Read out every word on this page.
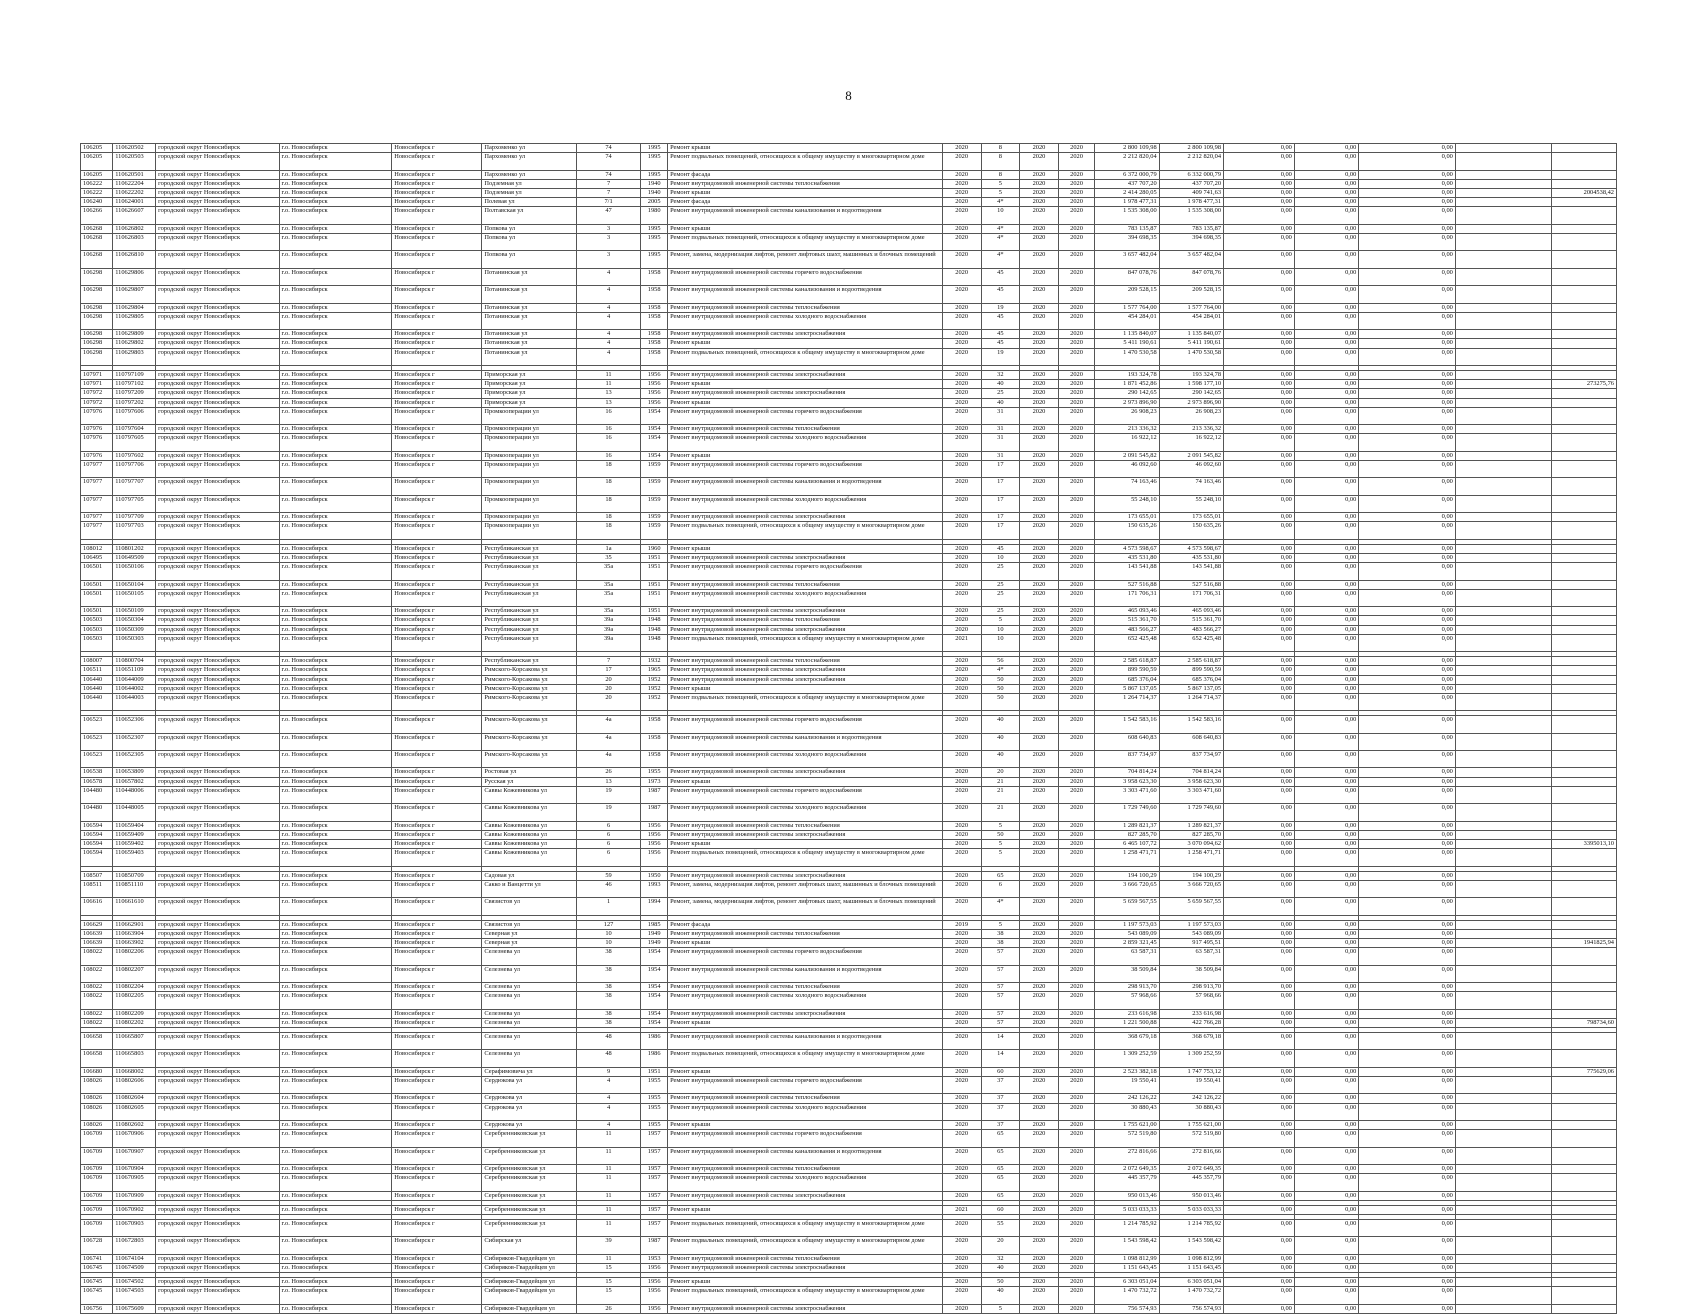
8
106205	110620502	городской округ Новосибирск	г.о. Новосибирск	Новосибирск г	Пархоменко ул	74	1995	Ремонт крыши	2020	8	2020	2020	2 800 109,98	2 800 109,98	0,00	0,00	0,00		
106205	110620503	городской округ Новосибирск	г.о. Новосибирск	Новосибирск г	Пархоменко ул	74	1995	Ремонт подвальных помещений, относящихся к общему имуществу в многоквартирном доме	2020	8	2020	2020	2 212 820,04	2 212 820,04	0,00	0,00	0,00		
106205	110620501	городской округ Новосибирск	г.о. Новосибирск	Новосибирск г	Пархоменко ул	74	1995	Ремонт фасада	2020	8	2020	2020	6 372 000,79	6 332 000,79	0,00	0,00	0,00		
106222	110622204	городской округ Новосибирск	г.о. Новосибирск	Новосибирск г	Подземная ул	7	1940	Ремонт внутридомовой инженерной системы теплоснабжения	2020	5	2020	2020	437 707,20	437 707,20	0,00	0,00	0,00		
106222	110622202	городской округ Новосибирск	г.о. Новосибирск	Новосибирск г	Подземная ул	7	1940	Ремонт крыши	2020	5	2020	2020	2 414 280,05	409 741,63	0,00	0,00	0,00		2004538,42
106240	110624001	городской округ Новосибирск	г.о. Новосибирск	Новосибирск г	Полевая ул	7/1	2005	Ремонт фасада	2020	4*	2020	2020	1 978 477,31	1 978 477,31	0,00	0,00	0,00		
106266	110626607	городской округ Новосибирск	г.о. Новосибирск	Новосибирск г	Полтавская ул	47	1980	Ремонт внутридомовой инженерной системы канализования и водоотведения	2020	10	2020	2020	1 535 308,00	1 535 308,00	0,00	0,00	0,00		
106268	110626802	городской округ Новосибирск	г.о. Новосибирск	Новосибирск г	Попкова ул	3	1995	Ремонт крыши	2020	4*	2020	2020	783 135,87	783 135,87	0,00	0,00	0,00		
106268	110626803	городской округ Новосибирск	г.о. Новосибирск	Новосибирск г	Попкова ул	3	1995	Ремонт подвальных помещений, относящихся к общему имуществу в многоквартирном доме	2020	4*	2020	2020	394 698,35	394 698,35	0,00	0,00	0,00		
106268	110626810	городской округ Новосибирск	г.о. Новосибирск	Новосибирск г	Попкова ул	3	1995	Ремонт, замена, модернизация лифтов, ремонт лифтовых шахт, машинных и блочных помещений	2020	4*	2020	2020	3 657 482,04	3 657 482,04	0,00	0,00	0,00		
106298	110629806	городской округ Новосибирск	г.о. Новосибирск	Новосибирск г	Потанинская ул	4	1958	Ремонт внутридомовой инженерной системы горячего водоснабжения	2020	45	2020	2020	847 078,76	847 078,76	0,00	0,00	0,00		
106298	110629807	городской округ Новосибирск	г.о. Новосибирск	Новосибирск г	Потанинская ул	4	1958	Ремонт внутридомовой инженерной системы канализования и водоотведения	2020	45	2020	2020	209 528,15	209 528,15	0,00	0,00	0,00		
106298	110629804	городской округ Новосибирск	г.о. Новосибирск	Новосибирск г	Потанинская ул	4	1958	Ремонт внутридомовой инженерной системы теплоснабжения	2020	19	2020	2020	1 577 764,00	1 577 764,00	0,00	0,00	0,00		
106298	110629805	городской округ Новосибирск	г.о. Новосибирск	Новосибирск г	Потанинская ул	4	1958	Ремонт внутридомовой инженерной системы холодного водоснабжения	2020	45	2020	2020	454 284,01	454 284,01	0,00	0,00	0,00		
106298	110629809	городской округ Новосибирск	г.о. Новосибирск	Новосибирск г	Потанинская ул	4	1958	Ремонт внутридомовой инженерной системы электроснабжения	2020	45	2020	2020	1 135 840,07	1 135 840,07	0,00	0,00	0,00		
106298	110629802	городской округ Новосибирск	г.о. Новосибирск	Новосибирск г	Потанинская ул	4	1958	Ремонт крыши	2020	45	2020	2020	5 411 190,61	5 411 190,61	0,00	0,00	0,00		
106298	110629803	городской округ Новосибирск	г.о. Новосибирск	Новосибирск г	Потанинская ул	4	1958	Ремонт подвальных помещений, относящихся к общему имуществу в многоквартирном доме	2020	19	2020	2020	1 470 530,58	1 470 530,58	0,00	0,00	0,00		

107971	110797109	городской округ Новосибирск	г.о. Новосибирск	Новосибирск г	Приморская ул	11	1956	Ремонт внутридомовой инженерной системы электроснабжения	2020	32	2020	2020	193 324,78	193 324,78	0,00	0,00	0,00		
107971	110797102	городской округ Новосибирск	г.о. Новосибирск	Новосибирск г	Приморская ул	11	1956	Ремонт крыши	2020	40	2020	2020	1 871 452,86	1 598 177,10	0,00	0,00	0,00		273275,76
107972	110797209	городской округ Новосибирск	г.о. Новосибирск	Новосибирск г	Приморская ул	13	1956	Ремонт внутридомовой инженерной системы электроснабжения	2020	25	2020	2020	290 142,65	290 142,65	0,00	0,00	0,00		
107972	110797202	городской округ Новосибирск	г.о. Новосибирск	Новосибирск г	Приморская ул	13	1956	Ремонт крыши	2020	40	2020	2020	2 973 896,90	2 973 896,90	0,00	0,00	0,00		
107976	110797606	городской округ Новосибирск	г.о. Новосибирск	Новосибирск г	Промкооперации ул	16	1954	Ремонт внутридомовой инженерной системы горячего водоснабжения	2020	31	2020	2020	26 908,23	26 908,23	0,00	0,00	0,00		
107976	110797604	городской округ Новосибирск	г.о. Новосибирск	Новосибирск г	Промкооперации ул	16	1954	Ремонт внутридомовой инженерной системы теплоснабжения	2020	31	2020	2020	213 336,32	213 336,32	0,00	0,00	0,00		
107976	110797605	городской округ Новосибирск	г.о. Новосибирск	Новосибирск г	Промкооперации ул	16	1954	Ремонт внутридомовой инженерной системы холодного водоснабжения	2020	31	2020	2020	16 922,12	16 922,12	0,00	0,00	0,00		
107976	110797602	городской округ Новосибирск	г.о. Новосибирск	Новосибирск г	Промкооперации ул	16	1954	Ремонт крыши	2020	31	2020	2020	2 091 545,82	2 091 545,82	0,00	0,00	0,00		
107977	110797706	городской округ Новосибирск	г.о. Новосибирск	Новосибирск г	Промкооперации ул	18	1959	Ремонт внутридомовой инженерной системы горячего водоснабжения	2020	17	2020	2020	46 092,60	46 092,60	0,00	0,00	0,00		
107977	110797707	городской округ Новосибирск	г.о. Новосибирск	Новосибирск г	Промкооперации ул	18	1959	Ремонт внутридомовой инженерной системы канализования и водоотведения	2020	17	2020	2020	74 163,46	74 163,46	0,00	0,00	0,00		
107977	110797705	городской округ Новосибирск	г.о. Новосибирск	Новосибирск г	Промкооперации ул	18	1959	Ремонт внутридомовой инженерной системы холодного водоснабжения	2020	17	2020	2020	55 248,10	55 248,10	0,00	0,00	0,00		
107977	110797709	городской округ Новосибирск	г.о. Новосибирск	Новосибирск г	Промкооперации ул	18	1959	Ремонт внутридомовой инженерной системы электроснабжения	2020	17	2020	2020	173 655,01	173 655,01	0,00	0,00	0,00		
107977	110797703	городской округ Новосибирск	г.о. Новосибирск	Новосибирск г	Промкооперации ул	18	1959	Ремонт подвальных помещений, относящихся к общему имуществу в многоквартирном доме	2020	17	2020	2020	150 635,26	150 635,26	0,00	0,00	0,00		

108012	110801202	городской округ Новосибирск	г.о. Новосибирск	Новосибирск г	Республиканская ул	1а	1960	Ремонт крыши	2020	45	2020	2020	4 573 598,67	4 573 598,67	0,00	0,00	0,00		
106495	110649509	городской округ Новосибирск	г.о. Новосибирск	Новосибирск г	Республиканская ул	35	1951	Ремонт внутридомовой инженерной системы электроснабжения	2020	10	2020	2020	435 531,80	435 531,80	0,00	0,00	0,00		
106501	110650106	городской округ Новосибирск	г.о. Новосибирск	Новосибирск г	Республиканская ул	35а	1951	Ремонт внутридомовой инженерной системы горячего водоснабжения	2020	25	2020	2020	143 541,88	143 541,88	0,00	0,00	0,00		
106501	110650104	городской округ Новосибирск	г.о. Новосибирск	Новосибирск г	Республиканская ул	35а	1951	Ремонт внутридомовой инженерной системы теплоснабжения	2020	25	2020	2020	527 516,88	527 516,88	0,00	0,00	0,00		
106501	110650105	городской округ Новосибирск	г.о. Новосибирск	Новосибирск г	Республиканская ул	35а	1951	Ремонт внутридомовой инженерной системы холодного водоснабжения	2020	25	2020	2020	171 706,31	171 706,31	0,00	0,00	0,00		
106501	110650109	городской округ Новосибирск	г.о. Новосибирск	Новосибирск г	Республиканская ул	35а	1951	Ремонт внутридомовой инженерной системы электроснабжения	2020	25	2020	2020	465 093,46	465 093,46	0,00	0,00	0,00		
106503	110650304	городской округ Новосибирск	г.о. Новосибирск	Новосибирск г	Республиканская ул	39а	1948	Ремонт внутридомовой инженерной системы теплоснабжения	2020	5	2020	2020	515 361,70	515 361,70	0,00	0,00	0,00		
106503	110650309	городской округ Новосибирск	г.о. Новосибирск	Новосибирск г	Республиканская ул	39а	1948	Ремонт внутридомовой инженерной системы электроснабжения	2020	10	2020	2020	483 566,27	483 566,27	0,00	0,00	0,00		
106503	110650303	городской округ Новосибирск	г.о. Новосибирск	Новосибирск г	Республиканская ул	39а	1948	Ремонт подвальных помещений, относящихся к общему имуществу в многоквартирном доме	2021	10	2020	2020	652 425,48	652 425,48	0,00	0,00	0,00		

108007	110800704	городской округ Новосибирск	г.о. Новосибирск	Новосибирск г	Республиканская ул	7	1932	Ремонт внутридомовой инженерной системы теплоснабжения	2020	56	2020	2020	2 585 618,87	2 585 618,87	0,00	0,00	0,00		
106511	110651109	городской округ Новосибирск	г.о. Новосибирск	Новосибирск г	Римского-Корсакова ул	17	1965	Ремонт внутридомовой инженерной системы электроснабжения	2020	4*	2020	2020	899 590,59	899 590,59	0,00	0,00	0,00		
106440	110644009	городской округ Новосибирск	г.о. Новосибирск	Новосибирск г	Римского-Корсакова ул	20	1952	Ремонт внутридомовой инженерной системы электроснабжения	2020	50	2020	2020	685 376,04	685 376,04	0,00	0,00	0,00		
106440	110644002	городской округ Новосибирск	г.о. Новосибирск	Новосибирск г	Римского-Корсакова ул	20	1952	Ремонт крыши	2020	50	2020	2020	5 867 137,05	5 867 137,05	0,00	0,00	0,00		
106440	110644003	городской округ Новосибирск	г.о. Новосибирск	Новосибирск г	Римского-Корсакова ул	20	1952	Ремонт подвальных помещений, относящихся к общему имуществу в многоквартирном доме	2020	50	2020	2020	1 264 714,37	1 264 714,37	0,00	0,00	0,00		

106523	110652306	городской округ Новосибирск	г.о. Новосибирск	Новосибирск г	Римского-Корсакова ул	4а	1958	Ремонт внутридомовой инженерной системы горячего водоснабжения	2020	40	2020	2020	1 542 583,16	1 542 583,16	0,00	0,00	0,00		
106523	110652307	городской округ Новосибирск	г.о. Новосибирск	Новосибирск г	Римского-Корсакова ул	4а	1958	Ремонт внутридомовой инженерной системы канализования и водоотведения	2020	40	2020	2020	608 640,83	608 640,83	0,00	0,00	0,00		
106523	110652305	городской округ Новосибирск	г.о. Новосибирск	Новосибирск г	Римского-Корсакова ул	4а	1958	Ремонт внутридомовой инженерной системы холодного водоснабжения	2020	40	2020	2020	837 734,97	837 734,97	0,00	0,00	0,00		
106538	110653809	городской округ Новосибирск	г.о. Новосибирск	Новосибирск г	Ростовая ул	26	1955	Ремонт внутридомовой инженерной системы электроснабжения	2020	20	2020	2020	704 814,24	704 814,24	0,00	0,00	0,00		
106578	110657802	городской округ Новосибирск	г.о. Новосибирск	Новосибирск г	Русская ул	13	1973	Ремонт крыши	2020	21	2020	2020	3 958 623,30	3 958 623,30	0,00	0,00	0,00		
104480	110448006	городской округ Новосибирск	г.о. Новосибирск	Новосибирск г	Саввы Кожевникова ул	19	1987	Ремонт внутридомовой инженерной системы горячего водоснабжения	2020	21	2020	2020	3 303 471,60	3 303 471,60	0,00	0,00	0,00		
104480	110448005	городской округ Новосибирск	г.о. Новосибирск	Новосибирск г	Саввы Кожевникова ул	19	1987	Ремонт внутридомовой инженерной системы холодного водоснабжения	2020	21	2020	2020	1 729 749,60	1 729 749,60	0,00	0,00	0,00		
106594	110659404	городской округ Новосибирск	г.о. Новосибирск	Новосибирск г	Саввы Кожевникова ул	6	1956	Ремонт внутридомовой инженерной системы теплоснабжения	2020	5	2020	2020	1 289 821,37	1 289 821,37	0,00	0,00	0,00		
106594	110659409	городской округ Новосибирск	г.о. Новосибирск	Новосибирск г	Саввы Кожевникова ул	6	1956	Ремонт внутридомовой инженерной системы электроснабжения	2020	50	2020	2020	827 285,70	827 285,70	0,00	0,00	0,00		
106594	110659402	городской округ Новосибирск	г.о. Новосибирск	Новосибирск г	Саввы Кожевникова ул	6	1956	Ремонт крыши	2020	5	2020	2020	6 465 107,72	3 070 094,62	0,00	0,00	0,00		3395013,10
106594	110659403	городской округ Новосибирск	г.о. Новосибирск	Новосибирск г	Саввы Кожевникова ул	6	1956	Ремонт подвальных помещений, относящихся к общему имуществу в многоквартирном доме	2020	5	2020	2020	1 258 471,71	1 258 471,71	0,00	0,00	0,00		

108507	110850709	городской округ Новосибирск	г.о. Новосибирск	Новосибирск г	Садовая ул	59	1950	Ремонт внутридомовой инженерной системы электроснабжения	2020	65	2020	2020	194 100,29	194 100,29	0,00	0,00	0,00		
108511	110851110	городской округ Новосибирск	г.о. Новосибирск	Новосибирск г	Сакко и Ванцетти ул	46	1993	Ремонт, замена, модернизация лифтов, ремонт лифтовых шахт, машинных и блочных помещений	2020	6	2020	2020	3 666 720,65	3 666 720,65	0,00	0,00	0,00		
106616	110661610	городской округ Новосибирск	г.о. Новосибирск	Новосибирск г	Связистов ул	1	1994	Ремонт, замена, модернизация лифтов, ремонт лифтовых шахт, машинных и блочных помещений	2020	4*	2020	2020	5 659 567,55	5 659 567,55	0,00	0,00	0,00		

106629	110662901	городской округ Новосибирск	г.о. Новосибирск	Новосибирск г	Связистов ул	127	1985	Ремонт фасада	2019	5	2020	2020	1 197 573,03	1 197 573,03	0,00	0,00	0,00		
106639	110663904	городской округ Новосибирск	г.о. Новосибирск	Новосибирск г	Северная ул	10	1949	Ремонт внутридомовой инженерной системы теплоснабжения	2020	38	2020	2020	543 089,09	543 089,09	0,00	0,00	0,00		
106639	110663902	городской округ Новосибирск	г.о. Новосибирск	Новосибирск г	Северная ул	10	1949	Ремонт крыши	2020	38	2020	2020	2 859 321,45	917 495,51	0,00	0,00	0,00		1941825,94
108022	110802206	городской округ Новосибирск	г.о. Новосибирск	Новосибирск г	Селезнева ул	38	1954	Ремонт внутридомовой инженерной системы горячего водоснабжения	2020	57	2020	2020	63 587,31	63 587,31	0,00	0,00	0,00		
108022	110802207	городской округ Новосибирск	г.о. Новосибирск	Новосибирск г	Селезнева ул	38	1954	Ремонт внутридомовой инженерной системы канализования и водоотведения	2020	57	2020	2020	38 509,84	38 509,84	0,00	0,00	0,00		
108022	110802204	городской округ Новосибирск	г.о. Новосибирск	Новосибирск г	Селезнева ул	38	1954	Ремонт внутридомовой инженерной системы теплоснабжения	2020	57	2020	2020	298 913,70	298 913,70	0,00	0,00	0,00		
108022	110802205	городской округ Новосибирск	г.о. Новосибирск	Новосибирск г	Селезнева ул	38	1954	Ремонт внутридомовой инженерной системы холодного водоснабжения	2020	57	2020	2020	57 968,66	57 968,66	0,00	0,00	0,00		
108022	110802209	городской округ Новосибирск	г.о. Новосибирск	Новосибирск г	Селезнева ул	38	1954	Ремонт внутридомовой инженерной системы электроснабжения	2020	57	2020	2020	233 616,98	233 616,98	0,00	0,00	0,00		
108022	110802202	городской округ Новосибирск	г.о. Новосибирск	Новосибирск г	Селезнева ул	38	1954	Ремонт крыши	2020	57	2020	2020	1 221 500,88	422 766,28	0,00	0,00	0,00		798734,60

106658	110665807	городской округ Новосибирск	г.о. Новосибирск	Новосибирск г	Селезнева ул	48	1986	Ремонт внутридомовой инженерной системы канализования и водоотведения	2020	14	2020	2020	368 679,18	368 679,18	0,00	0,00	0,00		
106658	110665803	городской округ Новосибирск	г.о. Новосибирск	Новосибирск г	Селезнева ул	48	1986	Ремонт подвальных помещений, относящихся к общему имуществу в многоквартирном доме	2020	14	2020	2020	1 309 252,59	1 309 252,59	0,00	0,00	0,00		
106680	110668002	городской округ Новосибирск	г.о. Новосибирск	Новосибирск г	Серафимовича ул	9	1951	Ремонт крыши	2020	60	2020	2020	2 523 382,18	1 747 753,12	0,00	0,00	0,00		775629,06
108026	110802606	городской округ Новосибирск	г.о. Новосибирск	Новосибирск г	Сердюкова ул	4	1955	Ремонт внутридомовой инженерной системы горячего водоснабжения	2020	37	2020	2020	19 550,41	19 550,41	0,00	0,00	0,00		
108026	110802604	городской округ Новосибирск	г.о. Новосибирск	Новосибирск г	Сердюкова ул	4	1955	Ремонт внутридомовой инженерной системы теплоснабжения	2020	37	2020	2020	242 126,22	242 126,22	0,00	0,00	0,00		
108026	110802605	городской округ Новосибирск	г.о. Новосибирск	Новосибирск г	Сердюкова ул	4	1955	Ремонт внутридомовой инженерной системы холодного водоснабжения	2020	37	2020	2020	30 880,43	30 880,43	0,00	0,00	0,00		
108026	110802602	городской округ Новосибирск	г.о. Новосибирск	Новосибирск г	Сердюкова ул	4	1955	Ремонт крыши	2020	37	2020	2020	1 755 621,00	1 755 621,00	0,00	0,00	0,00		
106709	110670906	городской округ Новосибирск	г.о. Новосибирск	Новосибирск г	Серебренниковская ул	11	1957	Ремонт внутридомовой инженерной системы горячего водоснабжения	2020	65	2020	2020	572 519,80	572 519,80	0,00	0,00	0,00		
106709	110670907	городской округ Новосибирск	г.о. Новосибирск	Новосибирск г	Серебренниковская ул	11	1957	Ремонт внутридомовой инженерной системы канализования и водоотведения	2020	65	2020	2020	272 816,66	272 816,66	0,00	0,00	0,00		
106709	110670904	городской округ Новосибирск	г.о. Новосибирск	Новосибирск г	Серебренниковская ул	11	1957	Ремонт внутридомовой инженерной системы теплоснабжения	2020	65	2020	2020	2 072 649,35	2 072 649,35	0,00	0,00	0,00		
106709	110670905	городской округ Новосибирск	г.о. Новосибирск	Новосибирск г	Серебренниковская ул	11	1957	Ремонт внутридомовой инженерной системы холодного водоснабжения	2020	65	2020	2020	445 357,79	445 357,79	0,00	0,00	0,00		
106709	110670909	городской округ Новосибирск	г.о. Новосибирск	Новосибирск г	Серебренниковская ул	11	1957	Ремонт внутридомовой инженерной системы электроснабжения	2020	65	2020	2020	950 013,46	950 013,46	0,00	0,00	0,00		

106709	110670902	городской округ Новосибирск	г.о. Новосибирск	Новосибирск г	Серебренниковская ул	11	1957	Ремонт крыши	2021	60	2020	2020	5 033 033,33	5 033 033,33	0,00	0,00	0,00		

106709	110670903	городской округ Новосибирск	г.о. Новосибирск	Новосибирск г	Серебренниковская ул	11	1957	Ремонт подвальных помещений, относящихся к общему имуществу в многоквартирном доме	2020	55	2020	2020	1 214 785,92	1 214 785,92	0,00	0,00	0,00		
106728	110672803	городской округ Новосибирск	г.о. Новосибирск	Новосибирск г	Сибирская ул	39	1987	Ремонт подвальных помещений, относящихся к общему имуществу в многоквартирном доме	2020	20	2020	2020	1 543 598,42	1 543 598,42	0,00	0,00	0,00		
106741	110674104	городской округ Новосибирск	г.о. Новосибирск	Новосибирск г	Сибиряков-Гвардейцев ул	11	1953	Ремонт внутридомовой инженерной системы теплоснабжения	2020	32	2020	2020	1 098 812,99	1 098 812,99	0,00	0,00	0,00		
106745	110674509	городской округ Новосибирск	г.о. Новосибирск	Новосибирск г	Сибиряков-Гвардейцев ул	15	1956	Ремонт внутридомовой инженерной системы электроснабжения	2020	40	2020	2020	1 151 643,45	1 151 643,45	0,00	0,00	0,00		

106745	110674502	городской округ Новосибирск	г.о. Новосибирск	Новосибирск г	Сибиряков-Гвардейцев ул	15	1956	Ремонт крыши	2020	50	2020	2020	6 303 051,04	6 303 051,04	0,00	0,00	0,00		
106745	110674503	городской округ Новосибирск	г.о. Новосибирск	Новосибирск г	Сибиряков-Гвардейцев ул	15	1956	Ремонт подвальных помещений, относящихся к общему имуществу в многоквартирном доме	2020	40	2020	2020	1 470 732,72	1 470 732,72	0,00	0,00	0,00		
106756	110675609	городской округ Новосибирск	г.о. Новосибирск	Новосибирск г	Сибиряков-Гвардейцев ул	26	1956	Ремонт внутридомовой инженерной системы электроснабжения	2020	5	2020	2020	756 574,93	756 574,93	0,00	0,00	0,00		
